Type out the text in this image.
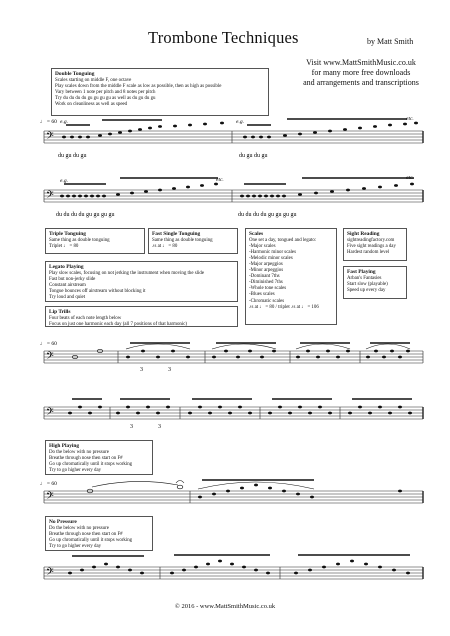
Trombone Techniques	by Matt Smith
Visit www.MattSmithMusic.co.uk
for many more free downloads
and arrangements and transcriptions
Double Tonguing
Scales starting on middle F, one octave
Play scales down from the middle F scale as low as possible, then as high as possible
Vary between 1 note per pitch and 8 notes per pitch
Try du du du du gu gu gu gu as well as du gu du gu
Work on cleanliness as well as speed
𝄢
♩ = 60 e.g.	e.g.	etc.
du gu du gu	du gu du gu
𝄢
e.g.	etc.	etc.
du du du du gu gu gu gu	du du du du gu gu gu gu
Triple Tonguing
Same thing as double tonguing
Triplet ♩ = 80
Fast Single Tonguing
Same thing as double tonguing
♪s at ♩ = 80
Scales
One set a day, tongued and legato:
-Major scales
-Harmonic minor scales
-Melodic minor scales
-Major arpeggios
-Minor arpeggios
-Dominant 7ths
-Diminished 7ths
-Whole tone scales
-Blues scales
-Chromatic scales
♪s at ♩ = 80 / triplet ♪s at ♩ = 106
Sight Reading
sightreadingfactory.com
Five sight readings a day
Hardest random level
Fast Playing
Arban's Fantasies
Start slow (playable)
Speed up every day
Legato Playing
Play slow scales, focusing on not jerking the instrument when moving the slide
Fast but non-jerky slide
Constant airstream
Tongue bounces off airstream without blocking it
Try loud and quiet
Lip Trills
Four beats of each note length below
Focus on just one harmonic each day (all 7 positions of that harmonic)
𝄢
♩ = 60
3	3
𝄢
3	3
High Playing
Do the below with no pressure
Breathe through nose then start on F#
Go up chromatically until it stops working
Try to go higher every day
𝄢
♩ = 60
No Pressure
Do the below with no pressure
Breathe through nose then start on F#
Go up chromatically until it stops working
Try to go higher every day
𝄢
© 2016 - www.MattSmithMusic.co.uk
